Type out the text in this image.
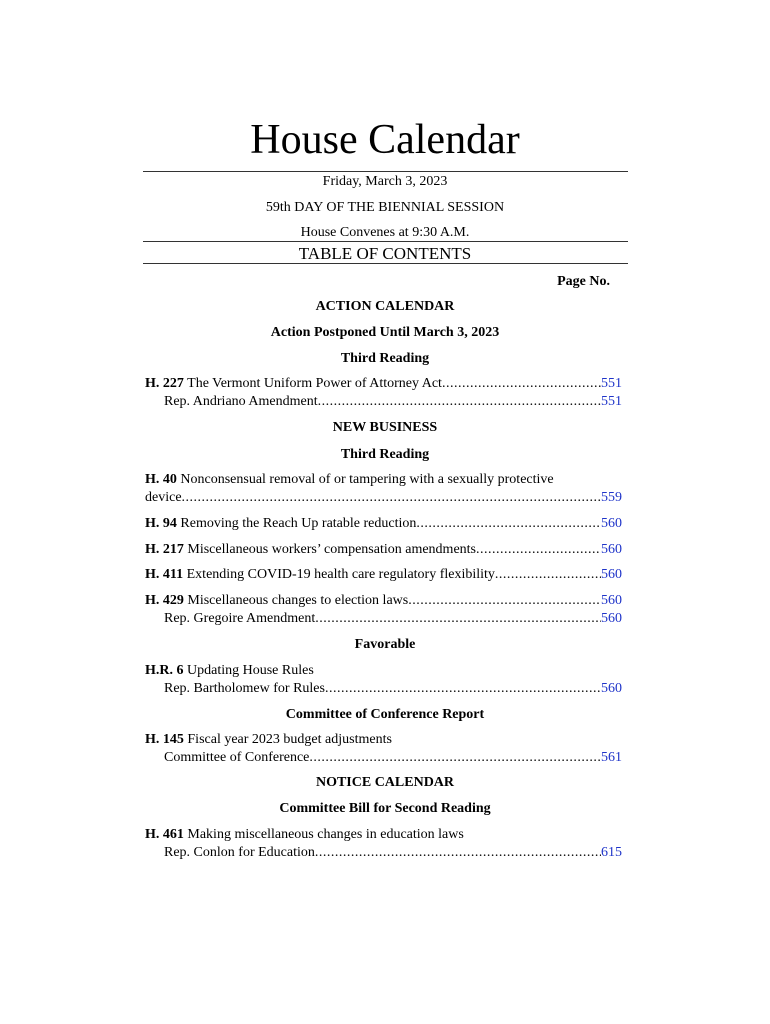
House Calendar
Friday, March 3, 2023
59th DAY OF THE BIENNIAL SESSION
House Convenes at 9:30 A.M.
TABLE OF CONTENTS
Page No.
ACTION CALENDAR
Action Postponed Until March 3, 2023
Third Reading
H. 227 The Vermont Uniform Power of Attorney Act .....	551
Rep. Andriano Amendment .....	551
NEW BUSINESS
Third Reading
H. 40 Nonconsensual removal of or tampering with a sexually protective
device .....	559
H. 94 Removing the Reach Up ratable reduction .....	560
H. 217 Miscellaneous workers’ compensation amendments .....	560
H. 411 Extending COVID-19 health care regulatory flexibility .....	560
H. 429 Miscellaneous changes to election laws .....	560
Rep. Gregoire Amendment .....	560
Favorable
H.R. 6 Updating House Rules
Rep. Bartholomew for Rules .....	560
Committee of Conference Report
H. 145 Fiscal year 2023 budget adjustments
Committee of Conference .....	561
NOTICE CALENDAR
Committee Bill for Second Reading
H. 461 Making miscellaneous changes in education laws
Rep. Conlon for Education .....	615
